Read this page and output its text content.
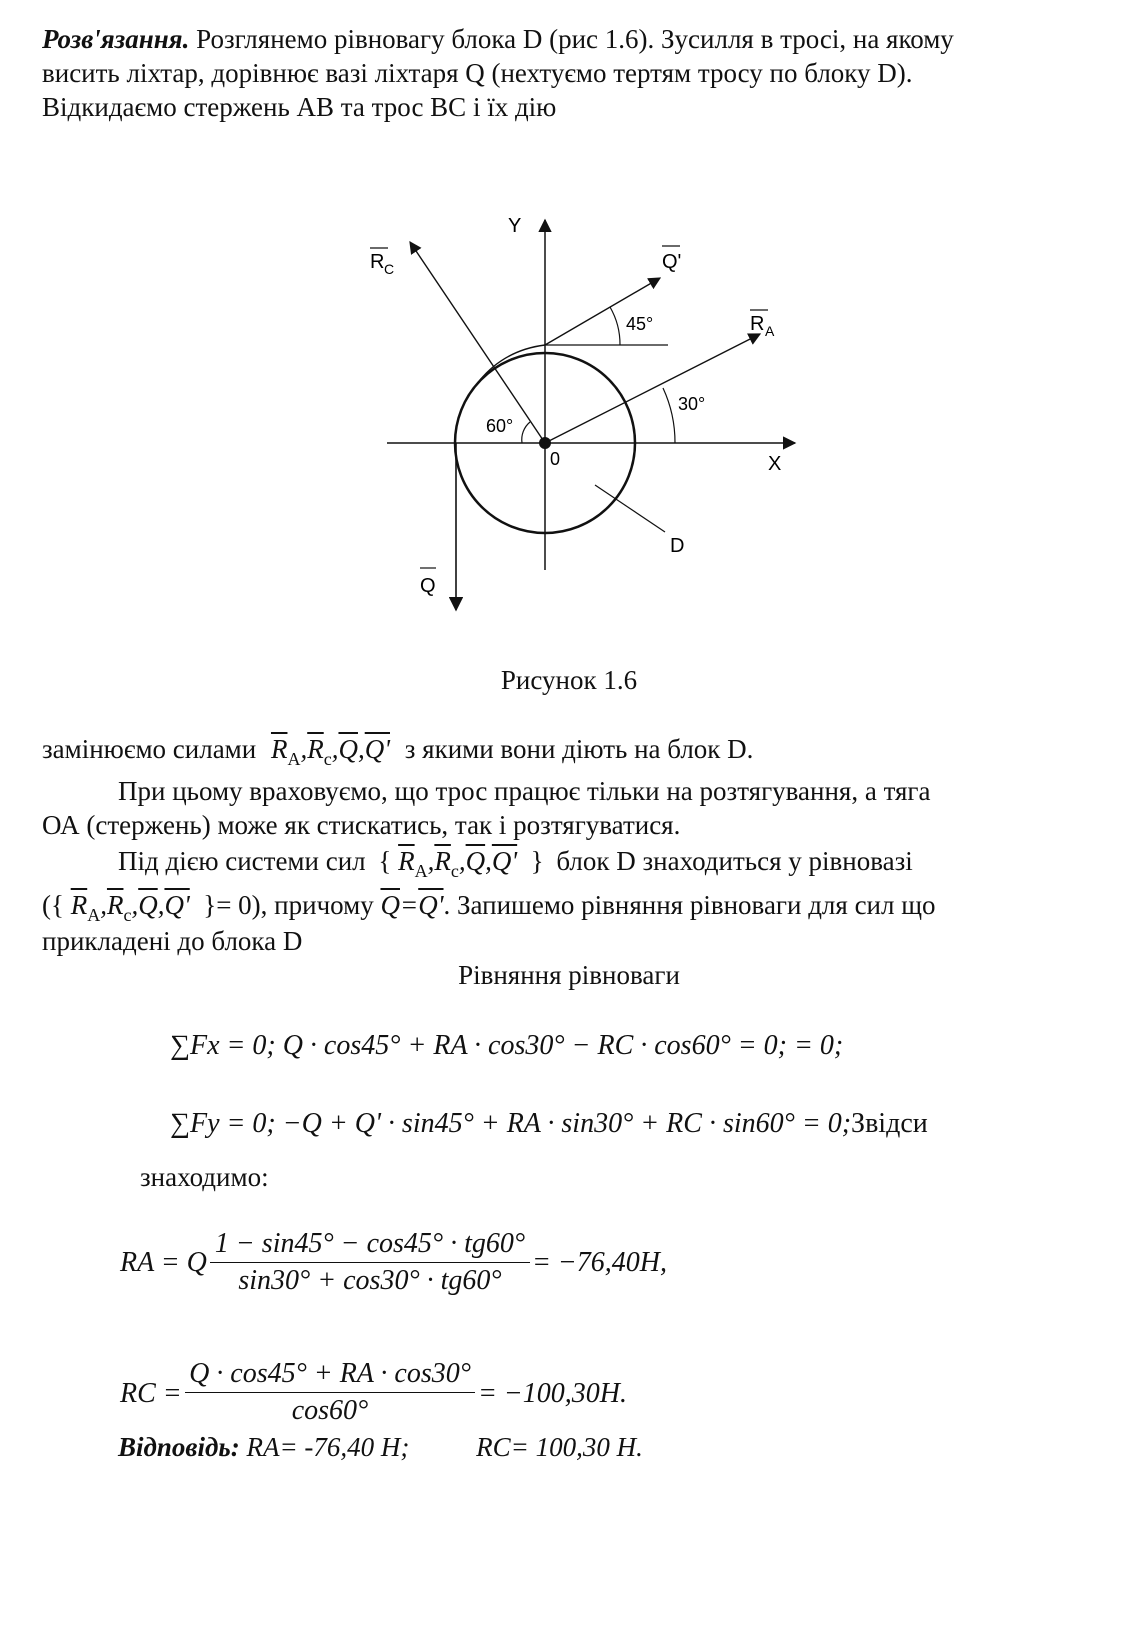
Розв'язання. Розглянемо рівновагу блока D (рис 1.6). Зусилля в тросі, на якому
висить ліхтар, дорівнює вазі ліхтаря Q (нехтуємо тертям тросу по блоку D).
Відкидаємо стержень AB та трос BC і їх дію
Y
X
0
D
R C	Q'
R A
Q
45°
30°
60°
Рисунок 1.6
замінюємо силами $\overline{R}_A,\overline{R}_c,\overline{Q},Q'$ з якими вони діють на блок D.
При цьому враховуємо, що трос працює тільки на розтягування, а тяга
ОА (стержень) може як стискатись, так і розтягуватися.
Під дією системи сил { $\overline{R}_A,\overline{R}_c,\overline{Q},Q'$  } блок D знаходиться у рівновазі
({ $\overline{R}_A,\overline{R}_c,\overline{Q},Q'$  }= 0), причому $\overline{Q}=Q'$. Запишемо рівняння рівноваги для сил що
прикладені до блока D
Рівняння рівноваги
∑Fx = 0; Q · cos45° + RA · cos30° − RC · cos60° = 0; = 0;
∑Fy = 0; −Q + Q' · sin45° + RA · sin30° + RC · sin60° = 0;Звідси
знаходимо:
RA = Q
1 − sin45° − cos45° · tg60°
sin30° + cos30° · tg60°
= −76,40H,
RC =
Q · cos45° + RA · cos30°
cos60°
= −100,30H.
Відповідь: RA= -76,40 H; RC= 100,30 H.
